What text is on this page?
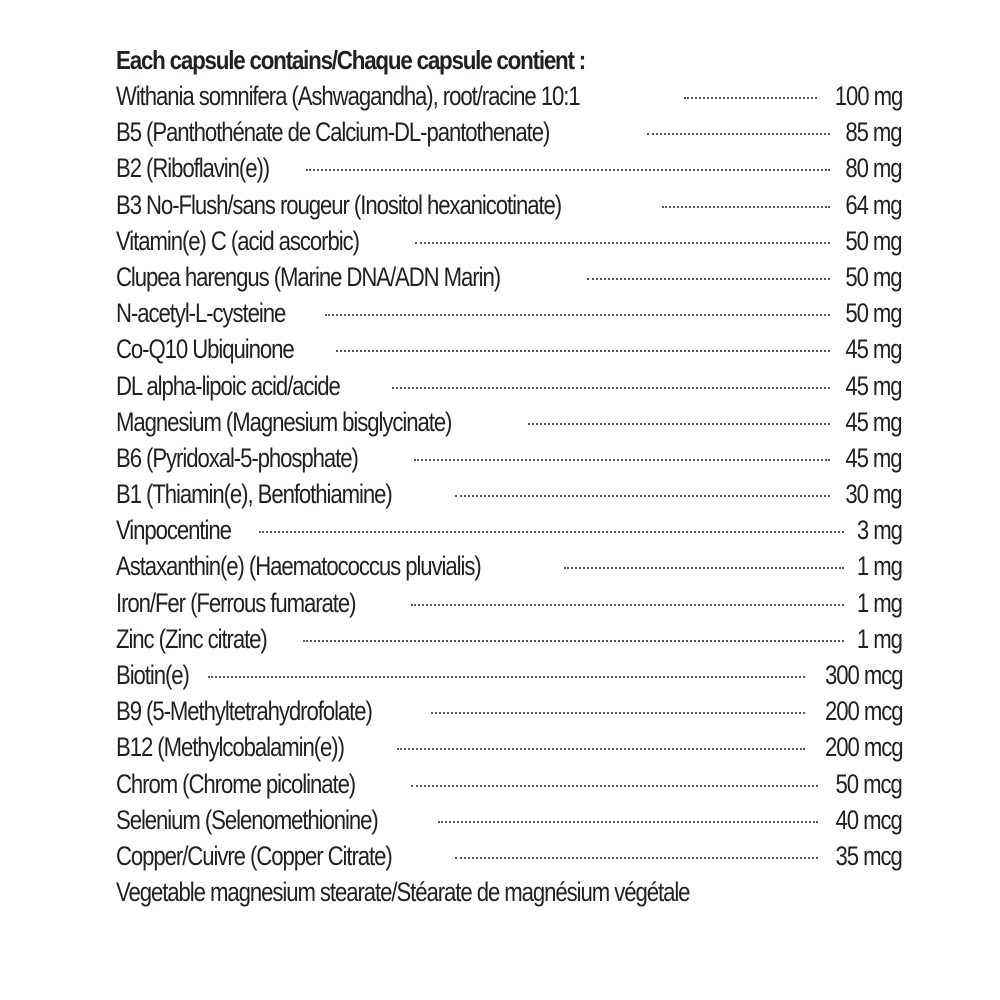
Each capsule contains/Chaque capsule contient :
Withania somnifera (Ashwagandha), root/racine 10:1	100 mg
B5 (Panthothénate de Calcium-DL-pantothenate)	85 mg
B2 (Riboflavin(e))	80 mg
B3 No-Flush/sans rougeur (Inositol hexanicotinate)	64 mg
Vitamin(e) C (acid ascorbic)	50 mg
Clupea harengus (Marine DNA/ADN Marin)	50 mg
N-acetyl-L-cysteine	50 mg
Co-Q10 Ubiquinone	45 mg
DL alpha-lipoic acid/acide	45 mg
Magnesium (Magnesium bisglycinate)	45 mg
B6 (Pyridoxal-5-phosphate)	45 mg
B1 (Thiamin(e), Benfothiamine)	30 mg
Vinpocentine	3 mg
Astaxanthin(e) (Haematococcus pluvialis)	1 mg
Iron/Fer (Ferrous fumarate)	1 mg
Zinc (Zinc citrate)	1 mg
Biotin(e)	300 mcg
B9 (5-Methyltetrahydrofolate)	200 mcg
B12 (Methylcobalamin(e))	200 mcg
Chrom (Chrome picolinate)	50 mcg
Selenium (Selenomethionine)	40 mcg
Copper/Cuivre (Copper Citrate)	35 mcg
Vegetable magnesium stearate/Stéarate de magnésium végétale
